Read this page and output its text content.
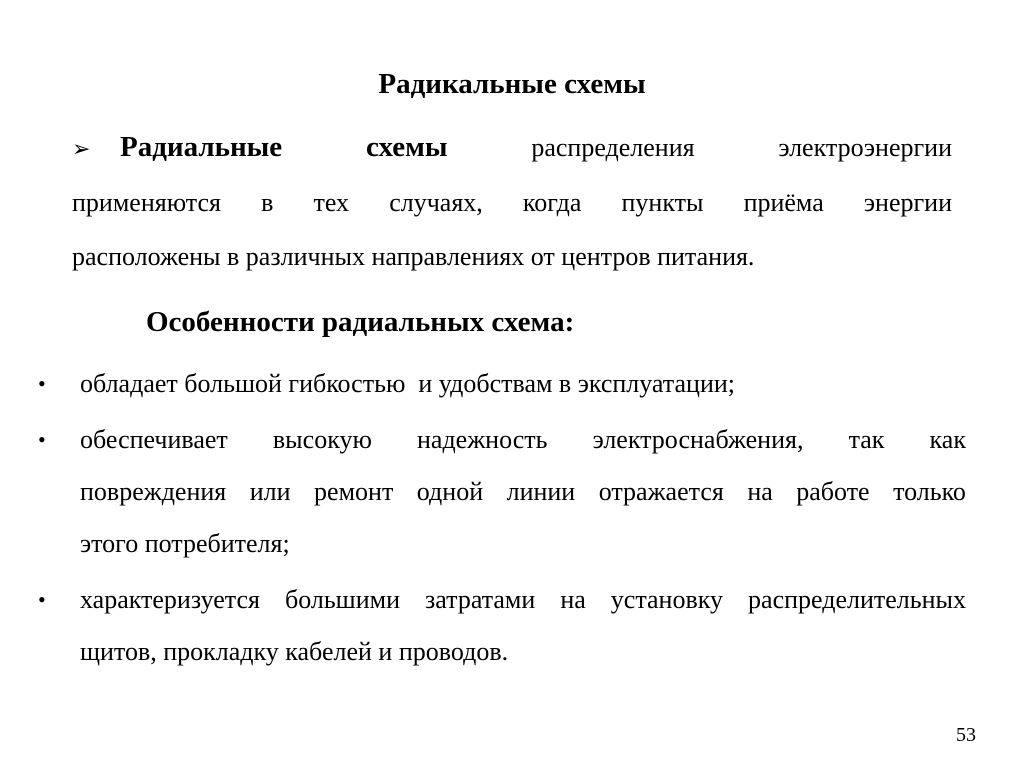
Радикальные схемы
➢	Радиальные	схемы	распределения	электроэнергии
применяются в тех случаях, когда пункты приёма энергии
расположены в различных направлениях от центров питания.
Особенности радиальных схема:
• обладает большой гибкостью  и удобствам в эксплуатации;
• обеспечивает высокую надежность электроснабжения, так как
повреждения или ремонт одной линии отражается на работе только
этого потребителя;
• характеризуется большими затратами на установку распределительных
щитов, прокладку кабелей и проводов.
53
